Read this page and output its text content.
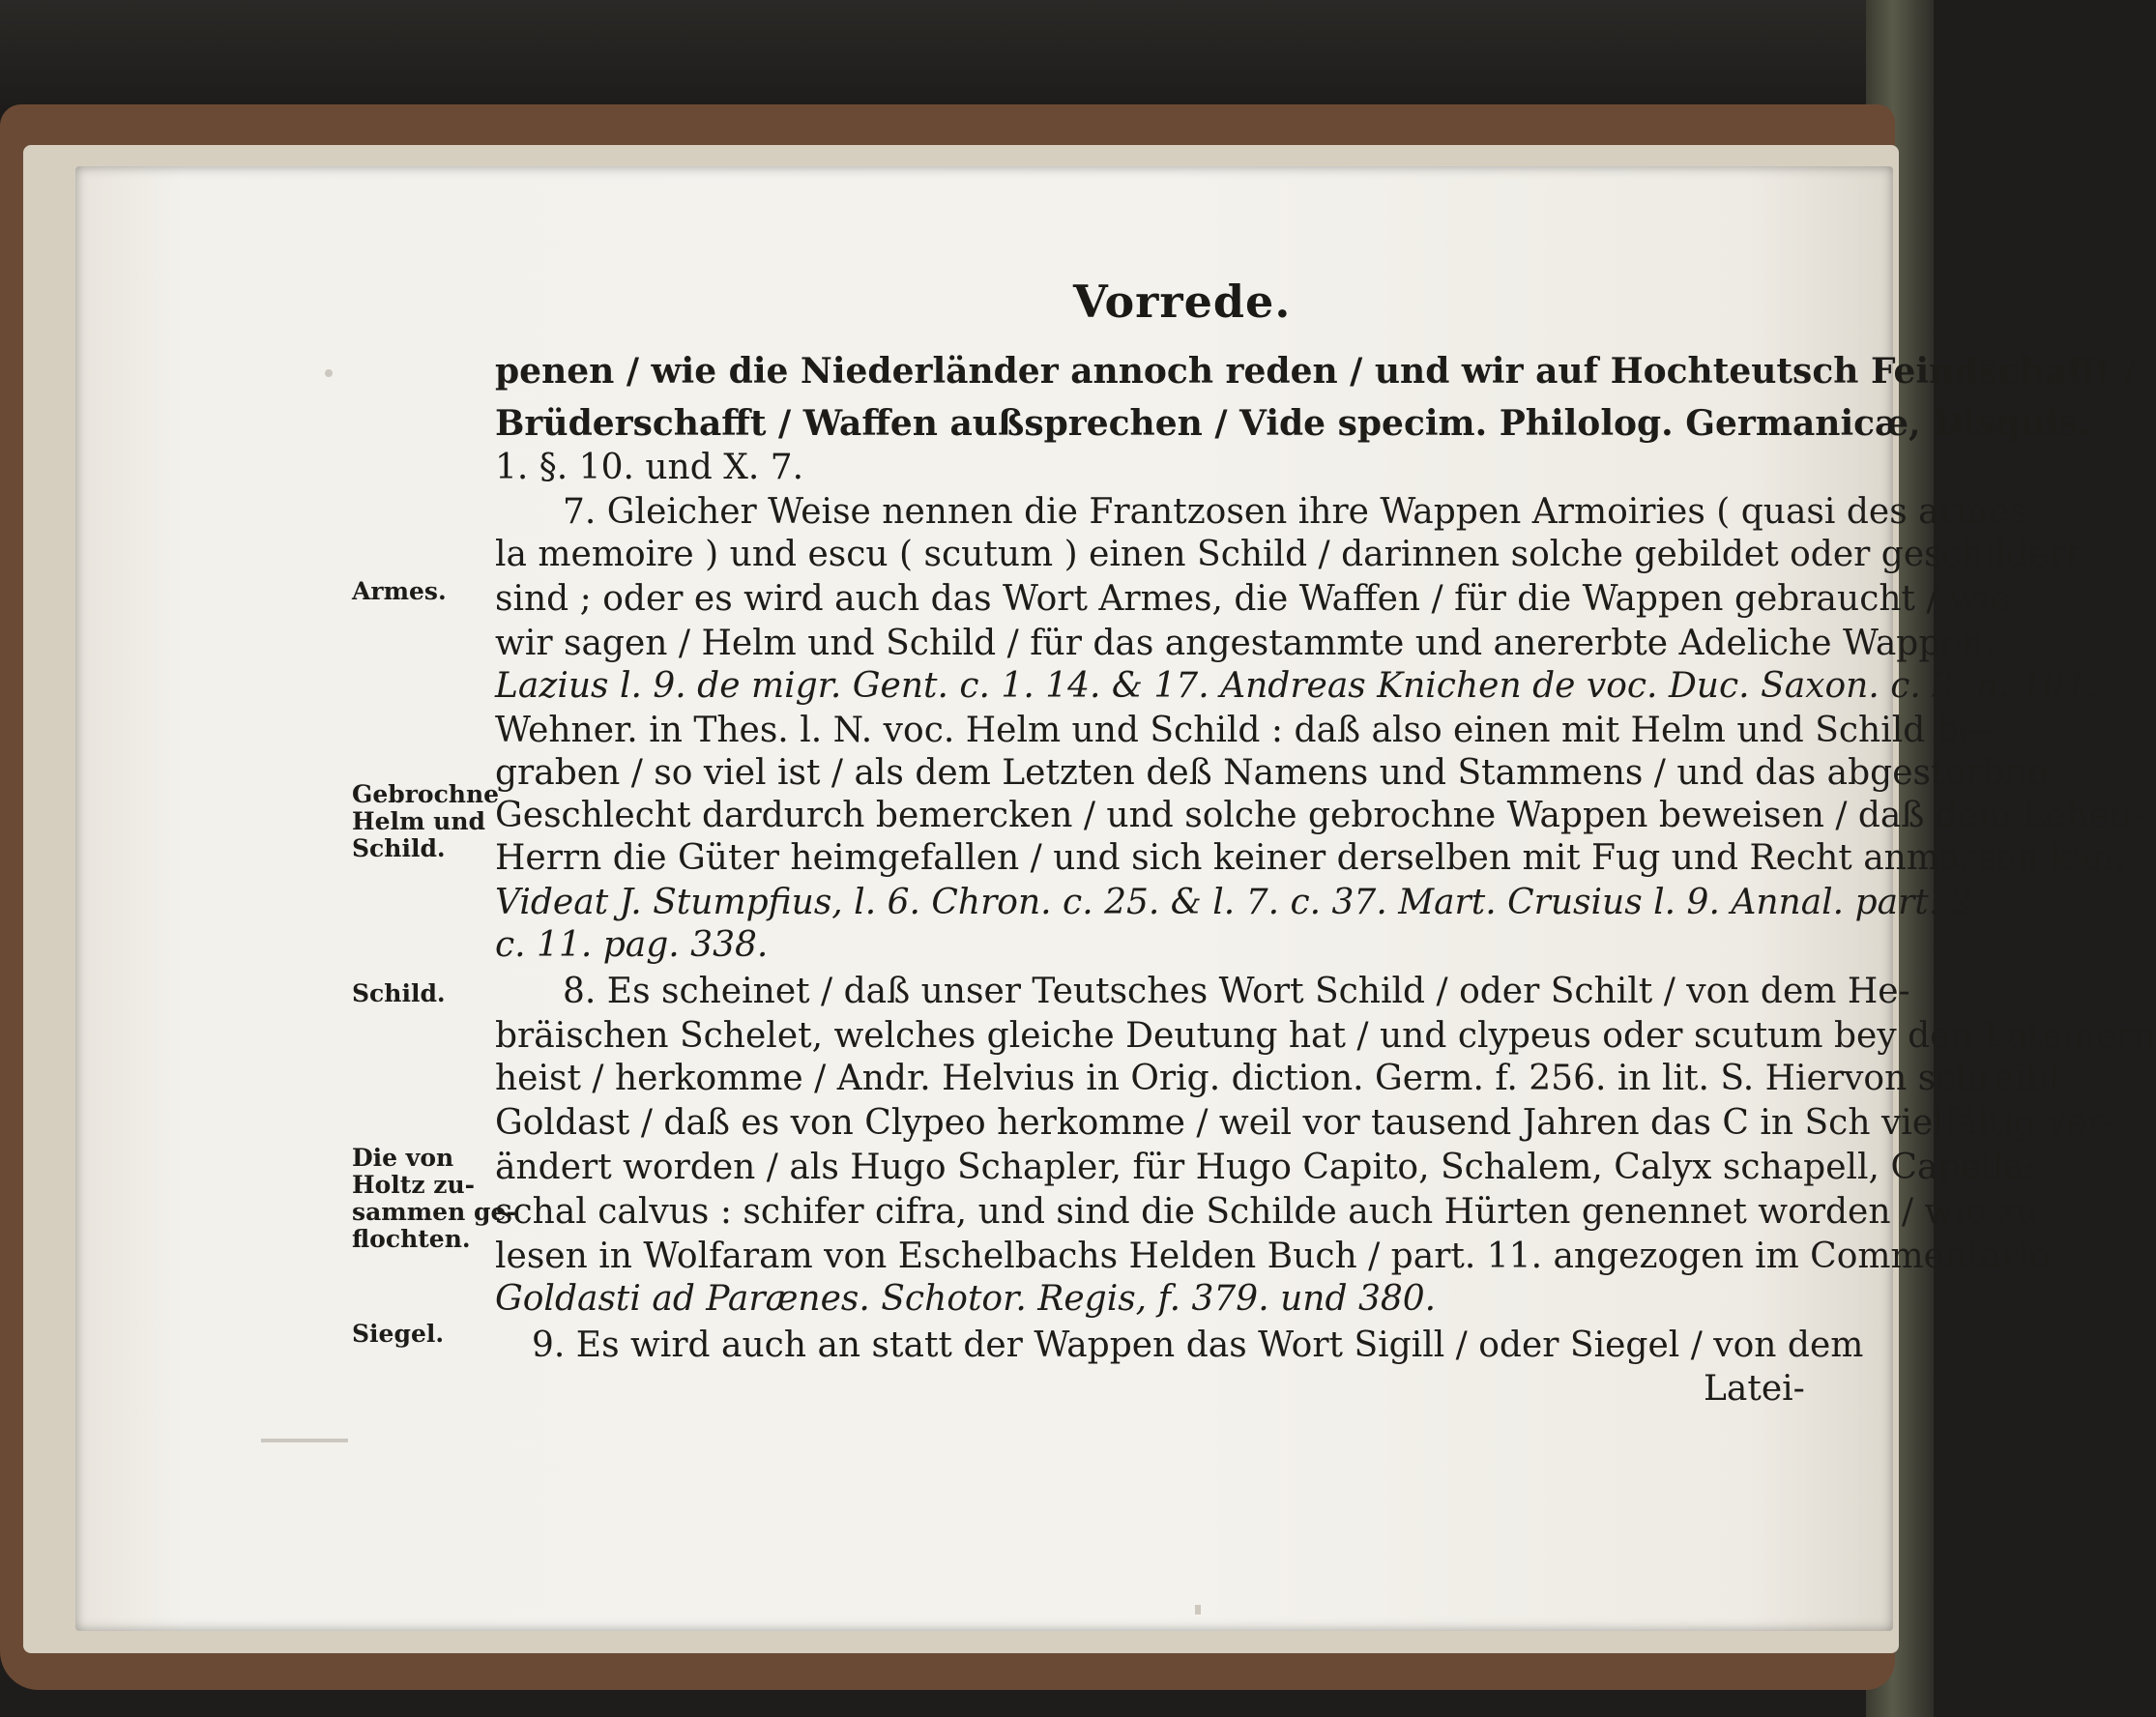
Vorrede.
penen / wie die Niederländer annoch reden / und wir auf Hochteutsch Feindschafft /
Brüderschafft / Waffen außsprechen / Vide specim. Philolog. Germanicæ, Disquis.
1. §. 10. und X. 7.
7. Gleicher Weise nennen die Frantzosen ihre Wappen Armoiries ( quasi des armes
la memoire ) und escu ( scutum ) einen Schild / darinnen solche gebildet oder geschildert
sind ; oder es wird auch das Wort Armes, die Waffen / für die Wappen gebraucht / wie
wir sagen / Helm und Schild / für das angestammte und anererbte Adeliche Wappen.
Lazius l. 9. de migr. Gent. c. 1. 14. & 17. Andreas Knichen de voc. Duc. Saxon. c. 2. n. 101.
Wehner. in Thes. l. N. voc. Helm und Schild : daß also einen mit Helm und Schild be-
graben / so viel ist / als dem Letzten deß Namens und Stammens / und das abgestorbne
Geschlecht dardurch bemercken / und solche gebrochne Wappen beweisen / daß dem Lehen-
Herrn die Güter heimgefallen / und sich keiner derselben mit Fug und Recht anmassen kan.
Videat J. Stumpfius, l. 6. Chron. c. 25. & l. 7. c. 37. Mart. Crusius l. 9. Annal. part. 2.
c. 11. pag. 338.
8. Es scheinet / daß unser Teutsches Wort Schild / oder Schilt / von dem He-
bräischen Schelet, welches gleiche Deutung hat / und clypeus oder scutum bey den Lateinern
heist / herkomme / Andr. Helvius in Orig. diction. Germ. f. 256. in lit. S. Hiervon schreibt
Goldast / daß es von Clypeo herkomme / weil vor tausend Jahren das C in Sch vielfältig ver-
ändert worden / als Hugo Schapler, für Hugo Capito, Schalem, Calyx schapell, Capella:
schal calvus : schifer cifra, und sind die Schilde auch Hürten genennet worden / wie zu
lesen in Wolfaram von Eschelbachs Helden Buch / part. 11. angezogen im Commentario
Goldasti ad Parænes. Schotor. Regis, f. 379. und 380.
9. Es wird auch an statt der Wappen das Wort Sigill / oder Siegel / von dem
Latei-
Armes.
Gebrochne
Helm und
Schild.
Schild.
Die von
Holtz zu-
sammen ge-
flochten.
Siegel.
